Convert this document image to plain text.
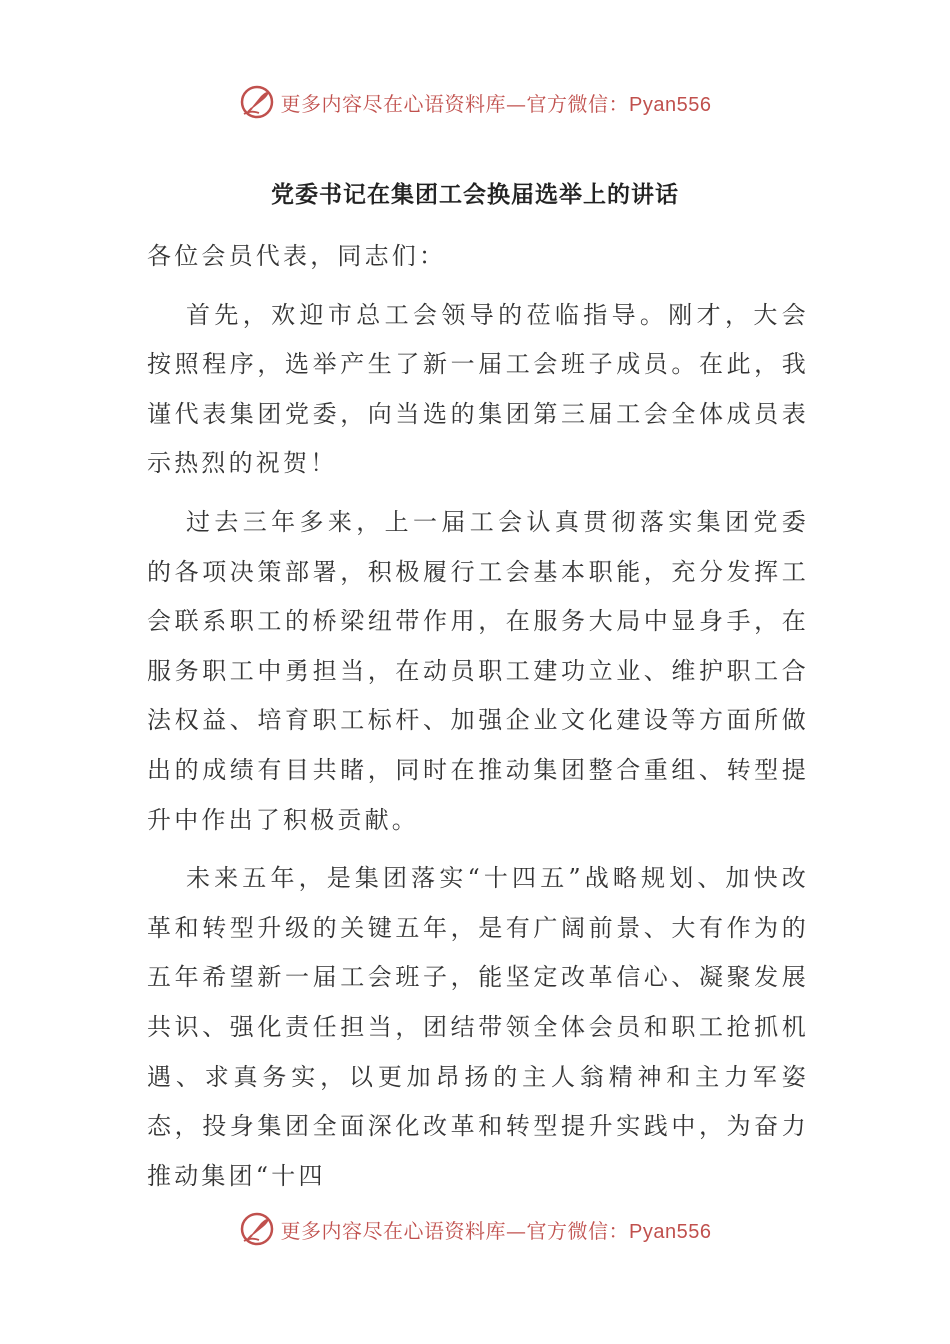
更多内容尽在心语资料库—官方微信：Pyan556
党委书记在集团工会换届选举上的讲话

各位会员代表，同志们：

首先，欢迎市总工会领导的莅临指导。刚才，大会按照程序，选举产生了新一届工会班子成员。在此，我谨代表集团党委，向当选的集团第三届工会全体成员表示热烈的祝贺！

过去三年多来，上一届工会认真贯彻落实集团党委的各项决策部署，积极履行工会基本职能，充分发挥工会联系职工的桥梁纽带作用，在服务大局中显身手，在服务职工中勇担当，在动员职工建功立业、维护职工合法权益、培育职工标杆、加强企业文化建设等方面所做出的成绩有目共睹，同时在推动集团整合重组、转型提升中作出了积极贡献。

未来五年，是集团落实“十四五”战略规划、加快改革和转型升级的关键五年，是有广阔前景、大有作为的五年希望新一届工会班子，能坚定改革信心、凝聚发展共识、强化责任担当，团结带领全体会员和职工抢抓机遇、求真务实，以更加昂扬的主人翁精神和主力军姿态，投身集团全面深化改革和转型提升实践中，为奋力推动集团“十四

更多内容尽在心语资料库—官方微信：Pyan556
